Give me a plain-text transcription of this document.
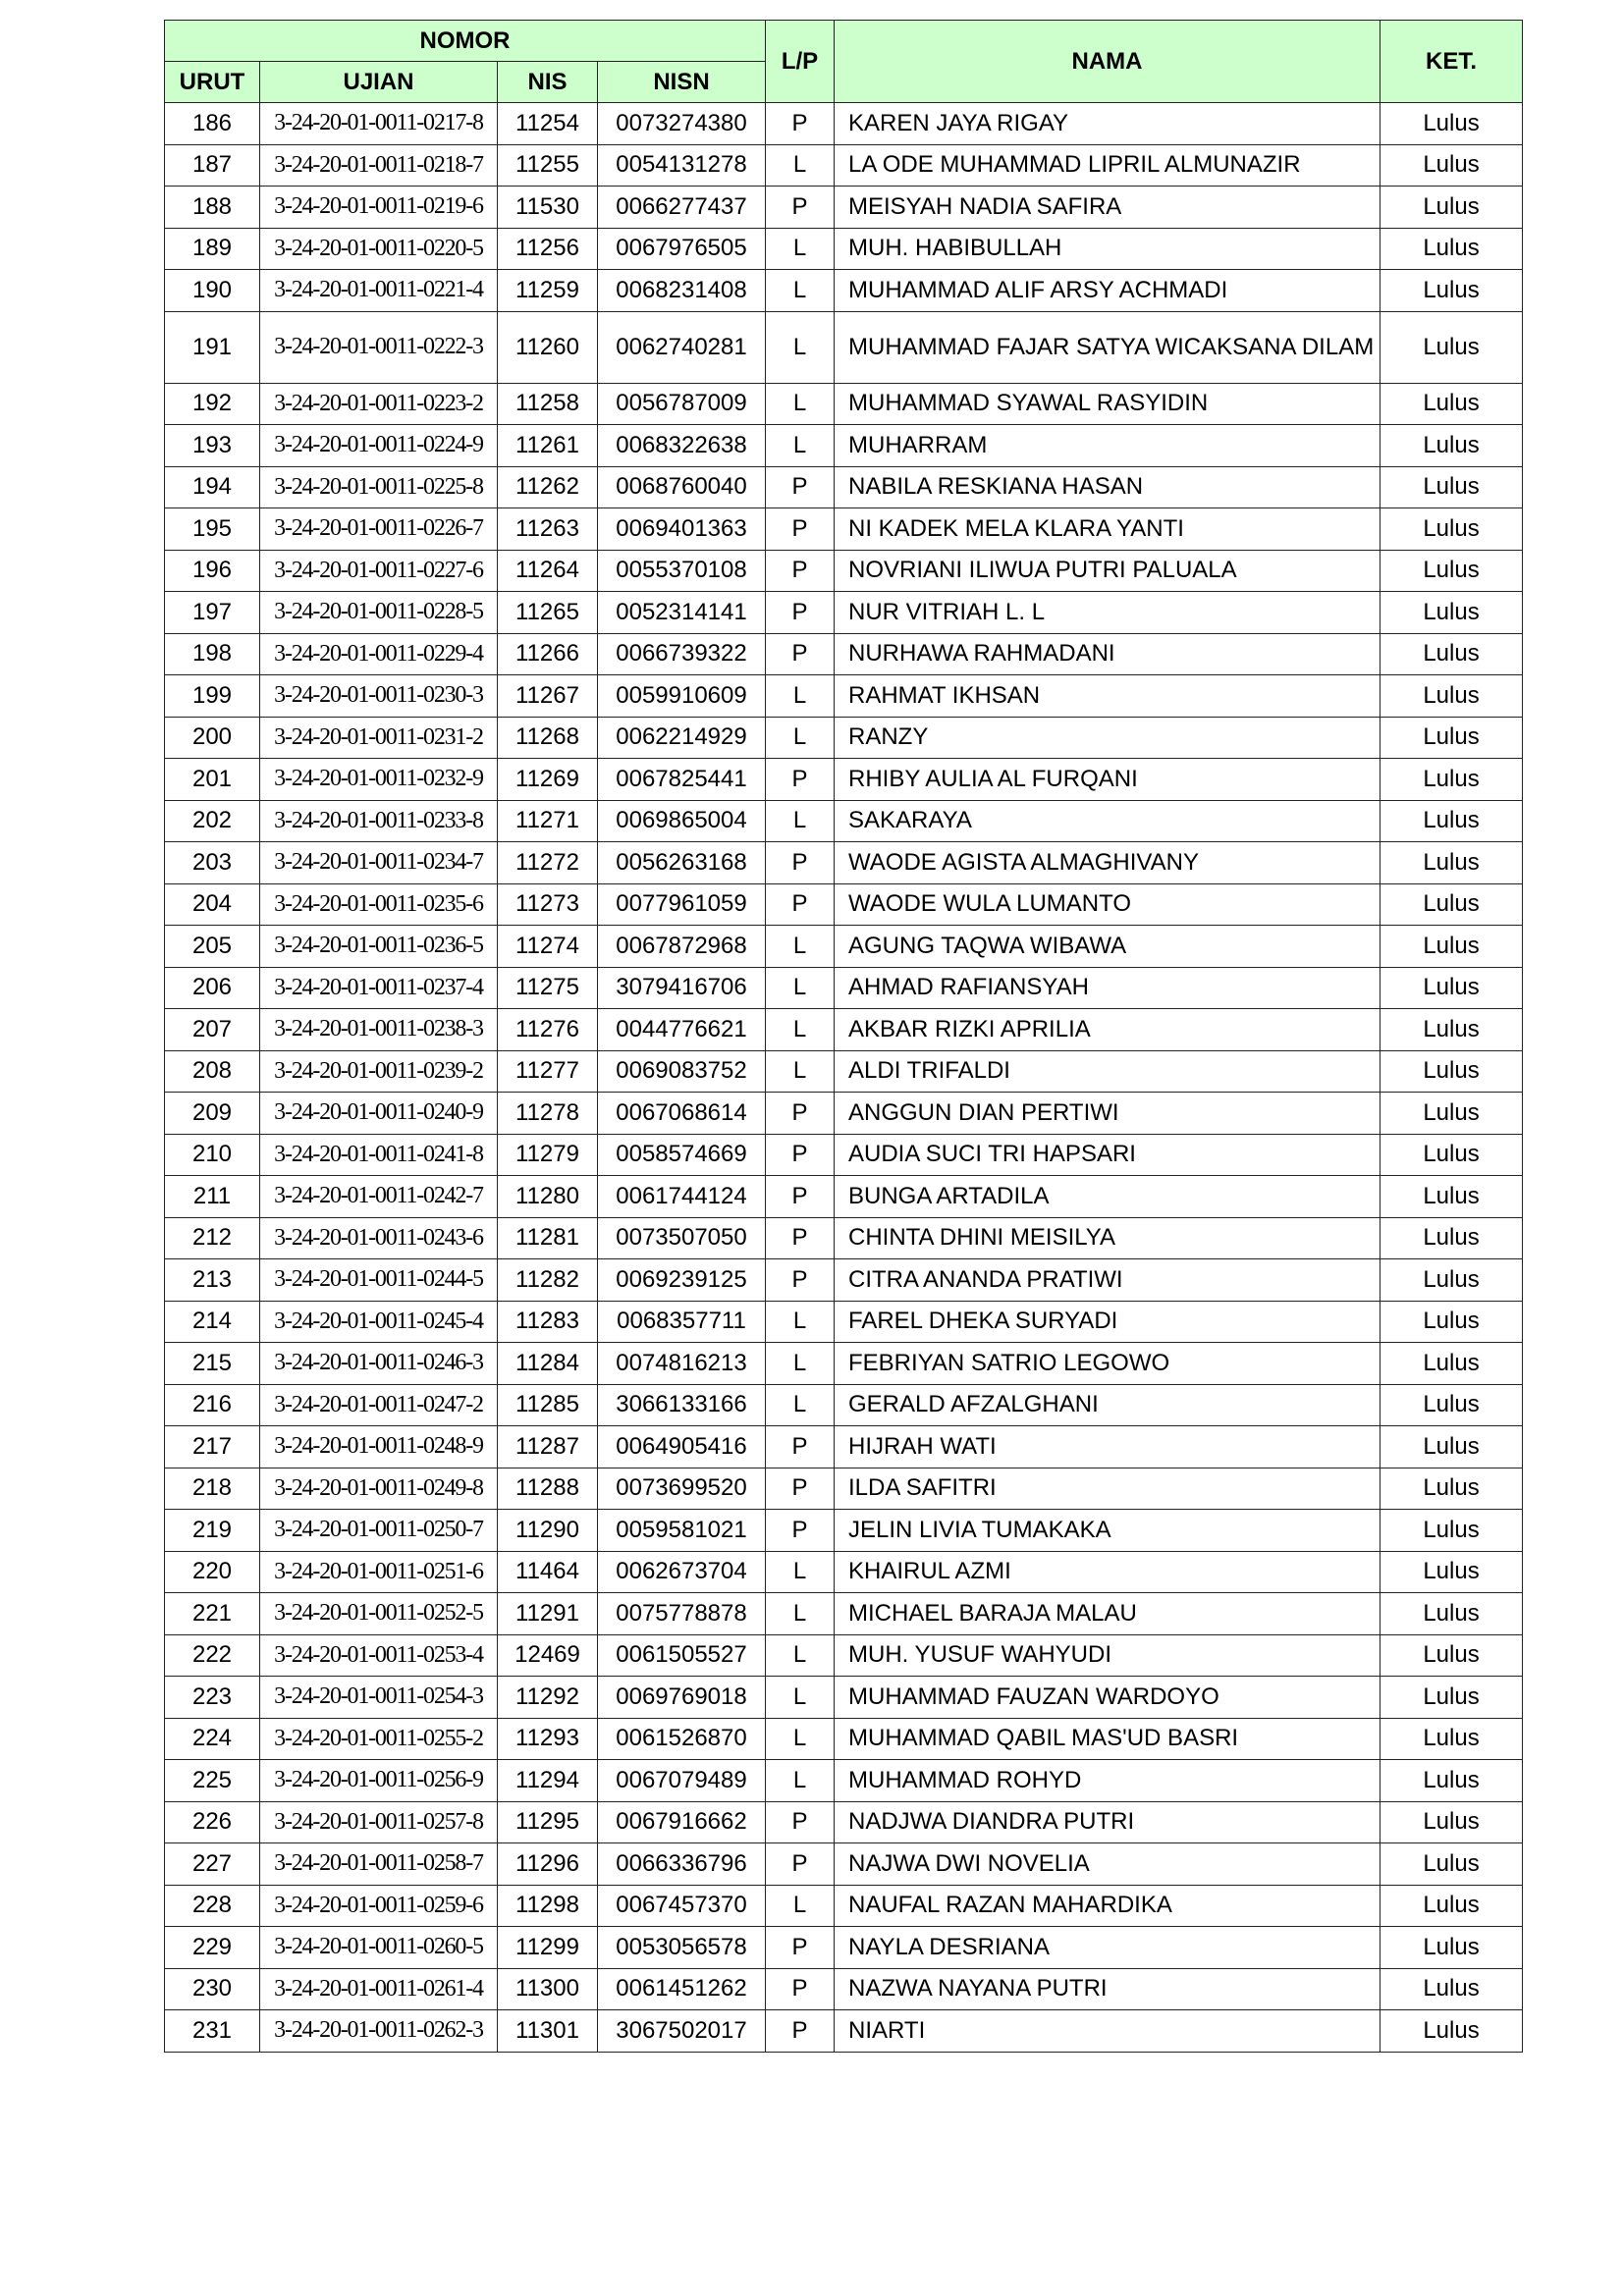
NOMOR				L/P	NAMA	KET.
URUT	UJIAN	NIS	NISN			
186	3-24-20-01-0011-0217-8	11254	0073274380	P	KAREN JAYA RIGAY	Lulus
187	3-24-20-01-0011-0218-7	11255	0054131278	L	LA ODE MUHAMMAD LIPRIL ALMUNAZIR	Lulus
188	3-24-20-01-0011-0219-6	11530	0066277437	P	MEISYAH NADIA SAFIRA	Lulus
189	3-24-20-01-0011-0220-5	11256	0067976505	L	MUH. HABIBULLAH	Lulus
190	3-24-20-01-0011-0221-4	11259	0068231408	L	MUHAMMAD ALIF ARSY ACHMADI	Lulus
191	3-24-20-01-0011-0222-3	11260	0062740281	L	MUHAMMAD FAJAR SATYA WICAKSANA DILAM	Lulus
192	3-24-20-01-0011-0223-2	11258	0056787009	L	MUHAMMAD SYAWAL RASYIDIN	Lulus
193	3-24-20-01-0011-0224-9	11261	0068322638	L	MUHARRAM	Lulus
194	3-24-20-01-0011-0225-8	11262	0068760040	P	NABILA RESKIANA HASAN	Lulus
195	3-24-20-01-0011-0226-7	11263	0069401363	P	NI KADEK MELA KLARA YANTI	Lulus
196	3-24-20-01-0011-0227-6	11264	0055370108	P	NOVRIANI ILIWUA PUTRI PALUALA	Lulus
197	3-24-20-01-0011-0228-5	11265	0052314141	P	NUR VITRIAH L. L	Lulus
198	3-24-20-01-0011-0229-4	11266	0066739322	P	NURHAWA RAHMADANI	Lulus
199	3-24-20-01-0011-0230-3	11267	0059910609	L	RAHMAT IKHSAN	Lulus
200	3-24-20-01-0011-0231-2	11268	0062214929	L	RANZY	Lulus
201	3-24-20-01-0011-0232-9	11269	0067825441	P	RHIBY AULIA AL FURQANI	Lulus
202	3-24-20-01-0011-0233-8	11271	0069865004	L	SAKARAYA	Lulus
203	3-24-20-01-0011-0234-7	11272	0056263168	P	WAODE AGISTA ALMAGHIVANY	Lulus
204	3-24-20-01-0011-0235-6	11273	0077961059	P	WAODE WULA LUMANTO	Lulus
205	3-24-20-01-0011-0236-5	11274	0067872968	L	AGUNG TAQWA WIBAWA	Lulus
206	3-24-20-01-0011-0237-4	11275	3079416706	L	AHMAD RAFIANSYAH	Lulus
207	3-24-20-01-0011-0238-3	11276	0044776621	L	AKBAR RIZKI APRILIA	Lulus
208	3-24-20-01-0011-0239-2	11277	0069083752	L	ALDI TRIFALDI	Lulus
209	3-24-20-01-0011-0240-9	11278	0067068614	P	ANGGUN DIAN PERTIWI	Lulus
210	3-24-20-01-0011-0241-8	11279	0058574669	P	AUDIA SUCI TRI HAPSARI	Lulus
211	3-24-20-01-0011-0242-7	11280	0061744124	P	BUNGA ARTADILA	Lulus
212	3-24-20-01-0011-0243-6	11281	0073507050	P	CHINTA DHINI MEISILYA	Lulus
213	3-24-20-01-0011-0244-5	11282	0069239125	P	CITRA ANANDA PRATIWI	Lulus
214	3-24-20-01-0011-0245-4	11283	0068357711	L	FAREL DHEKA SURYADI	Lulus
215	3-24-20-01-0011-0246-3	11284	0074816213	L	FEBRIYAN SATRIO LEGOWO	Lulus
216	3-24-20-01-0011-0247-2	11285	3066133166	L	GERALD AFZALGHANI	Lulus
217	3-24-20-01-0011-0248-9	11287	0064905416	P	HIJRAH WATI	Lulus
218	3-24-20-01-0011-0249-8	11288	0073699520	P	ILDA SAFITRI	Lulus
219	3-24-20-01-0011-0250-7	11290	0059581021	P	JELIN LIVIA TUMAKAKA	Lulus
220	3-24-20-01-0011-0251-6	11464	0062673704	L	KHAIRUL AZMI	Lulus
221	3-24-20-01-0011-0252-5	11291	0075778878	L	MICHAEL BARAJA MALAU	Lulus
222	3-24-20-01-0011-0253-4	12469	0061505527	L	MUH. YUSUF WAHYUDI	Lulus
223	3-24-20-01-0011-0254-3	11292	0069769018	L	MUHAMMAD FAUZAN WARDOYO	Lulus
224	3-24-20-01-0011-0255-2	11293	0061526870	L	MUHAMMAD QABIL MAS'UD BASRI	Lulus
225	3-24-20-01-0011-0256-9	11294	0067079489	L	MUHAMMAD ROHYD	Lulus
226	3-24-20-01-0011-0257-8	11295	0067916662	P	NADJWA DIANDRA PUTRI	Lulus
227	3-24-20-01-0011-0258-7	11296	0066336796	P	NAJWA DWI NOVELIA	Lulus
228	3-24-20-01-0011-0259-6	11298	0067457370	L	NAUFAL RAZAN MAHARDIKA	Lulus
229	3-24-20-01-0011-0260-5	11299	0053056578	P	NAYLA DESRIANA	Lulus
230	3-24-20-01-0011-0261-4	11300	0061451262	P	NAZWA NAYANA PUTRI	Lulus
231	3-24-20-01-0011-0262-3	11301	3067502017	P	NIARTI	Lulus
